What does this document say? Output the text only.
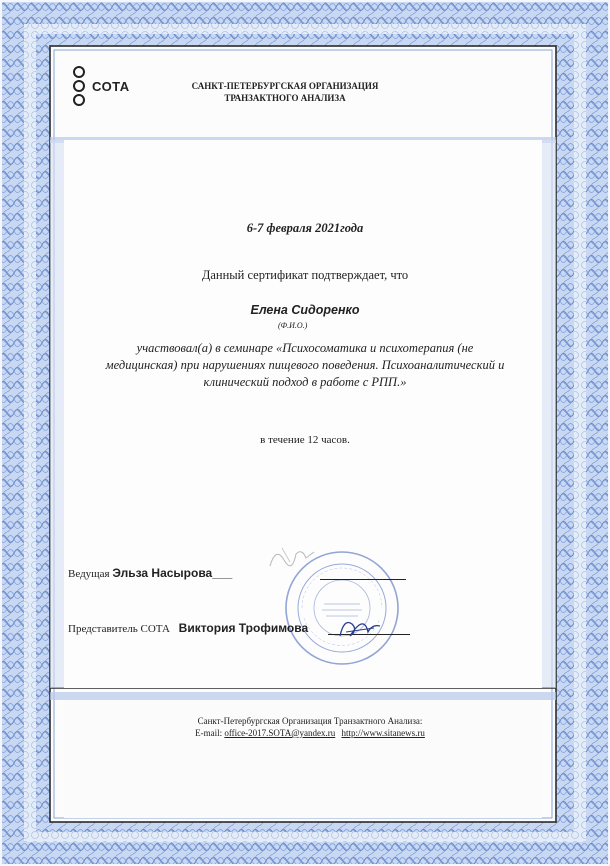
СОТА	САНКТ-ПЕТЕРБУРГСКАЯ ОРГАНИЗАЦИЯ
ТРАНЗАКТНОГО АНАЛИЗА
6-7 февраля 2021года
Данный сертификат подтверждает, что
Елена Сидоренко
(Ф.И.О.)
участвовал(а) в семинаре «Психосоматика и психотерапия (не
медицинская) при нарушениях пищевого поведения. Психоаналитический и
клинический подход в работе с РПП.»
в течение 12 часов.
Ведущая Эльза Насырова___
Представитель СОТА Виктория Трофимова
Санкт-Петербургская Организация Транзактного Анализа:
E-mail: office-2017.SOTA@yandex.ru http://www.sitanews.ru
